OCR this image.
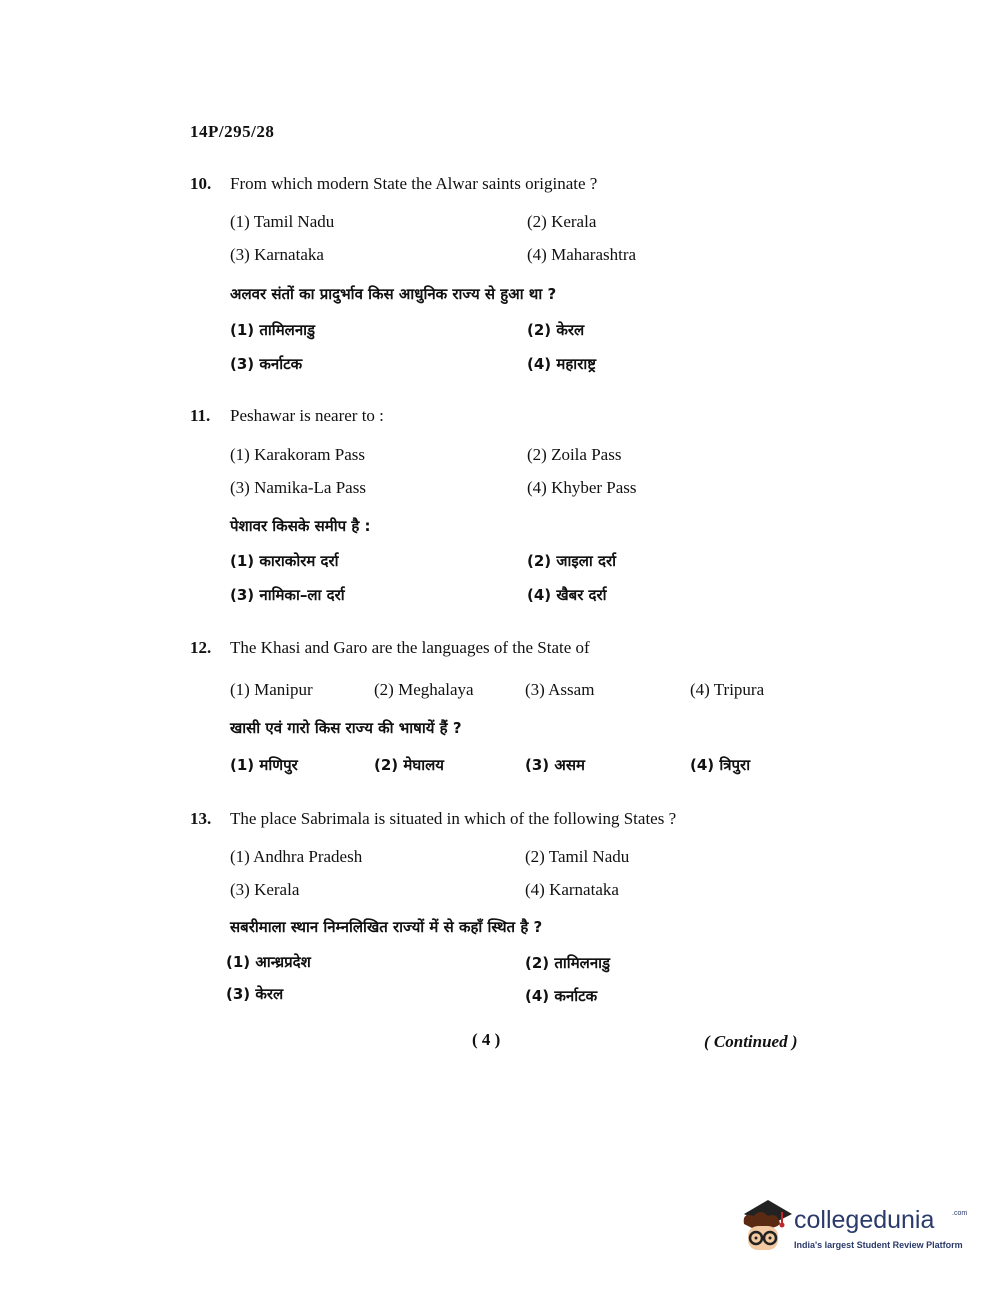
14P/295/28
10. From which modern State the Alwar saints originate ?
(1) Tamil Nadu	(2) Kerala
(3) Karnataka	(4) Maharashtra
अलवर संतों का प्रादुर्भाव किस आधुनिक राज्य से हुआ था ?
(1) तामिलनाडु	(2) केरल
(3) कर्नाटक	(4) महाराष्ट्र
11. Peshawar is nearer to :
(1) Karakoram Pass	(2) Zoila Pass
(3) Namika-La Pass	(4) Khyber Pass
पेशावर किसके समीप है :
(1) काराकोरम दर्रा	(2) जाइला दर्रा
(3) नामिका–ला दर्रा	(4) खैबर दर्रा
12. The Khasi and Garo are the languages of the State of
(1) Manipur	(2) Meghalaya	(3) Assam	(4) Tripura
खासी एवं गारो किस राज्य की भाषायें हैं ?
(1) मणिपुर	(2) मेघालय	(3) असम	(4) त्रिपुरा
13. The place Sabrimala is situated in which of the following States ?
(1) Andhra Pradesh	(2) Tamil Nadu
(3) Kerala	(4) Karnataka
सबरीमाला स्थान निम्नलिखित राज्यों में से कहाँ स्थित है ?
(1) आन्ध्रप्रदेश	(2) तामिलनाडु
(3) केरल	(4) कर्नाटक
( 4 )	( Continued )
collegedunia	.com
India's largest Student Review Platform
